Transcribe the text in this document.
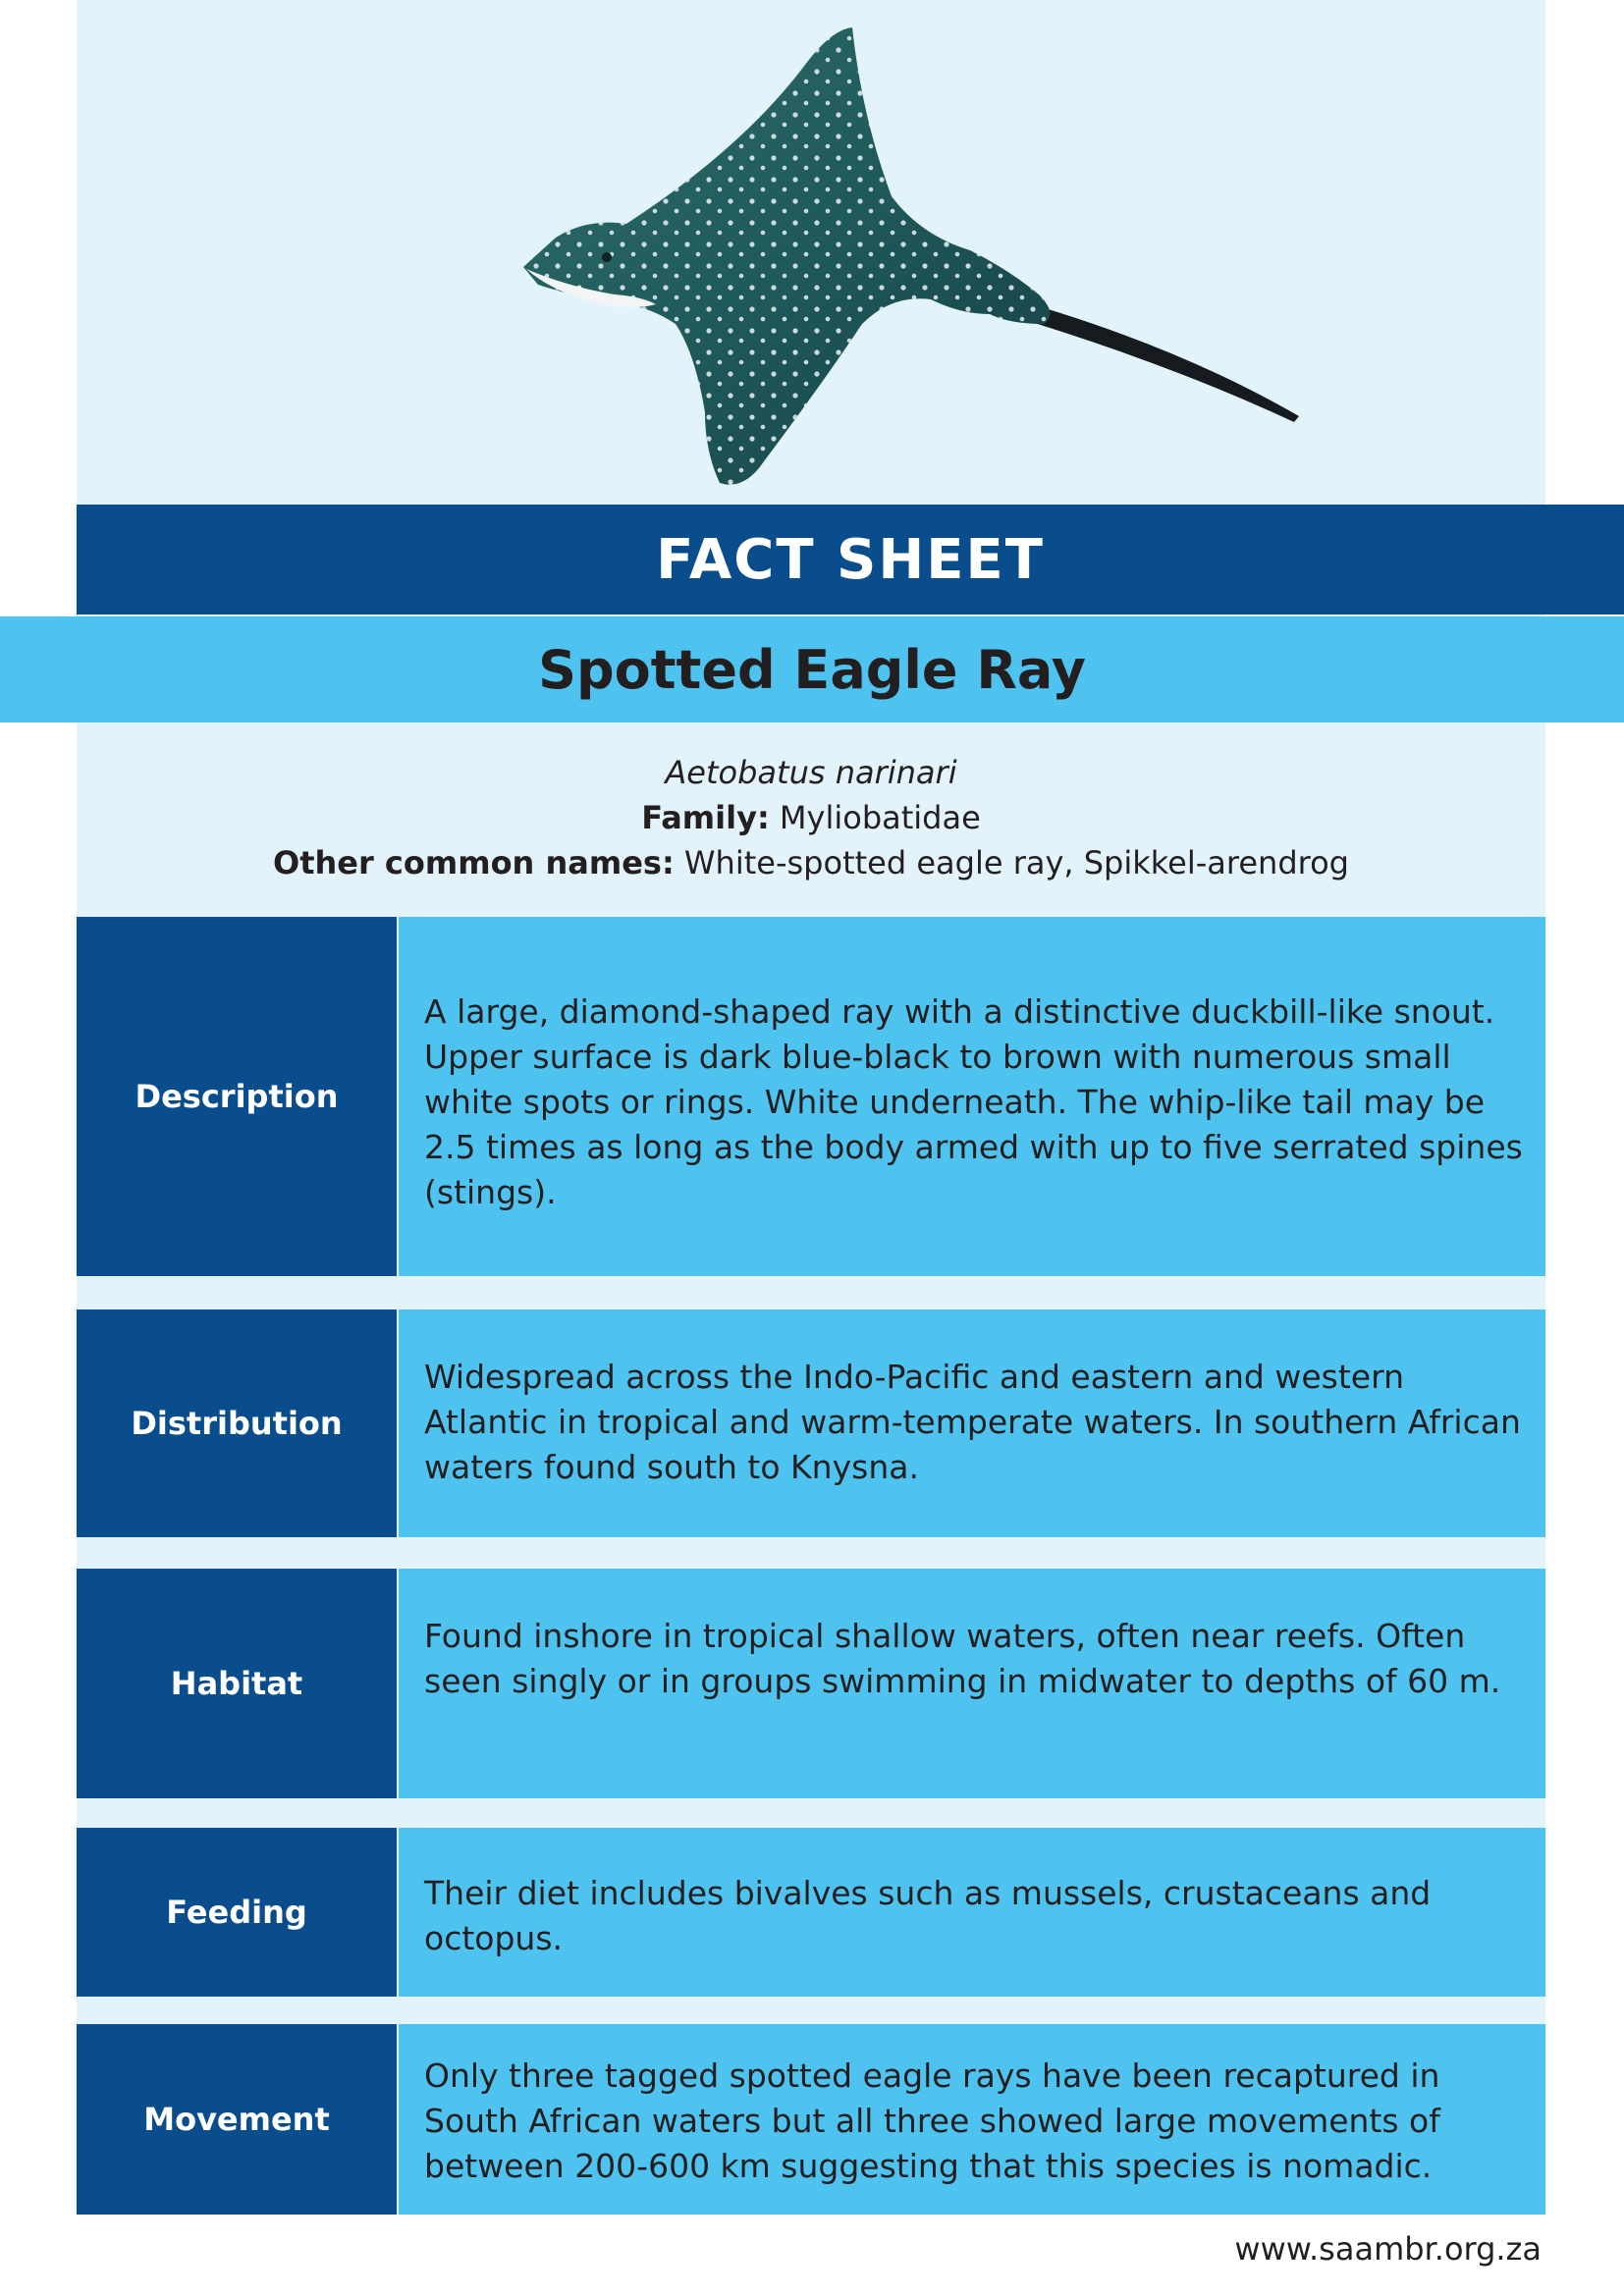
FACT SHEET
Spotted Eagle Ray
Aetobatus narinari
Family: Myliobatidae
Other common names: White-spotted eagle ray, Spikkel-arendrog
Description
A large, diamond-shaped ray with a distinctive duckbill-like snout. Upper surface is dark blue-black to brown with numerous small white spots or rings. White underneath. The whip-like tail may be 2.5 times as long as the body armed with up to five serrated spines (stings).
Distribution
Widespread across the Indo-Pacific and eastern and western Atlantic in tropical and warm-temperate waters. In southern African waters found south to Knysna.
Habitat
Found inshore in tropical shallow waters, often near reefs. Often seen singly or in groups swimming in midwater to depths of 60 m.
Feeding	Their diet includes bivalves such as mussels, crustaceans and octopus.
Movement
Only three tagged spotted eagle rays have been recaptured in South African waters but all three showed large movements of between 200-600 km suggesting that this species is nomadic.
www.saambr.org.za
